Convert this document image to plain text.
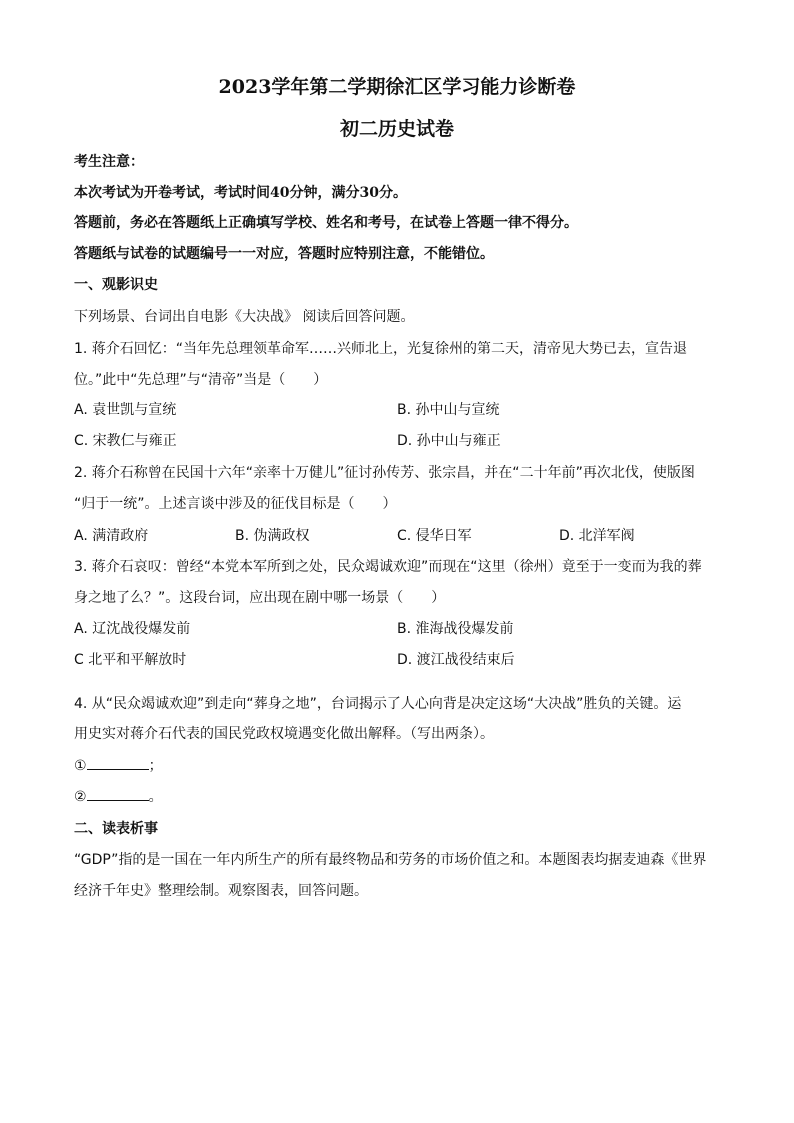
2023学年第二学期徐汇区学习能力诊断卷
初二历史试卷
考生注意：
本次考试为开卷考试，考试时间40分钟，满分30分。
答题前，务必在答题纸上正确填写学校、姓名和考号，在试卷上答题一律不得分。
答题纸与试卷的试题编号一一对应，答题时应特别注意，不能错位。
一、观影识史
下列场景、台词出自电影《大决战》 阅读后回答问题。
1. 蒋介石回忆：“当年先总理领革命军……兴师北上，光复徐州的第二天，清帝见大势已去，宣告退
位。”此中“先总理”与“清帝”当是（　　）
A. 袁世凯与宣统	B. 孙中山与宣统
C. 宋教仁与雍正	D. 孙中山与雍正
2. 蒋介石称曾在民国十六年“亲率十万健儿”征讨孙传芳、张宗昌，并在“二十年前”再次北伐，使版图
“归于一统”。上述言谈中涉及的征伐目标是（　　）
A. 满清政府	B. 伪满政权	C. 侵华日军	D. 北洋军阀
3. 蒋介石哀叹：曾经“本党本军所到之处，民众竭诚欢迎”而现在“这里（徐州）竟至于一变而为我的葬
身之地了么？”。这段台词，应出现在剧中哪一场景（　　）
A. 辽沈战役爆发前	B. 淮海战役爆发前
C 北平和平解放时	D. 渡江战役结束后
4. 从“民众竭诚欢迎”到走向“葬身之地”，台词揭示了人心向背是决定这场“大决战”胜负的关键。运
用史实对蒋介石代表的国民党政权境遇变化做出解释。（写出两条）。
①	；
②	。
二、读表析事
“GDP”指的是一国在一年内所生产的所有最终物品和劳务的市场价值之和。本题图表均据麦迪森《世界
经济千年史》整理绘制。观察图表，回答问题。
